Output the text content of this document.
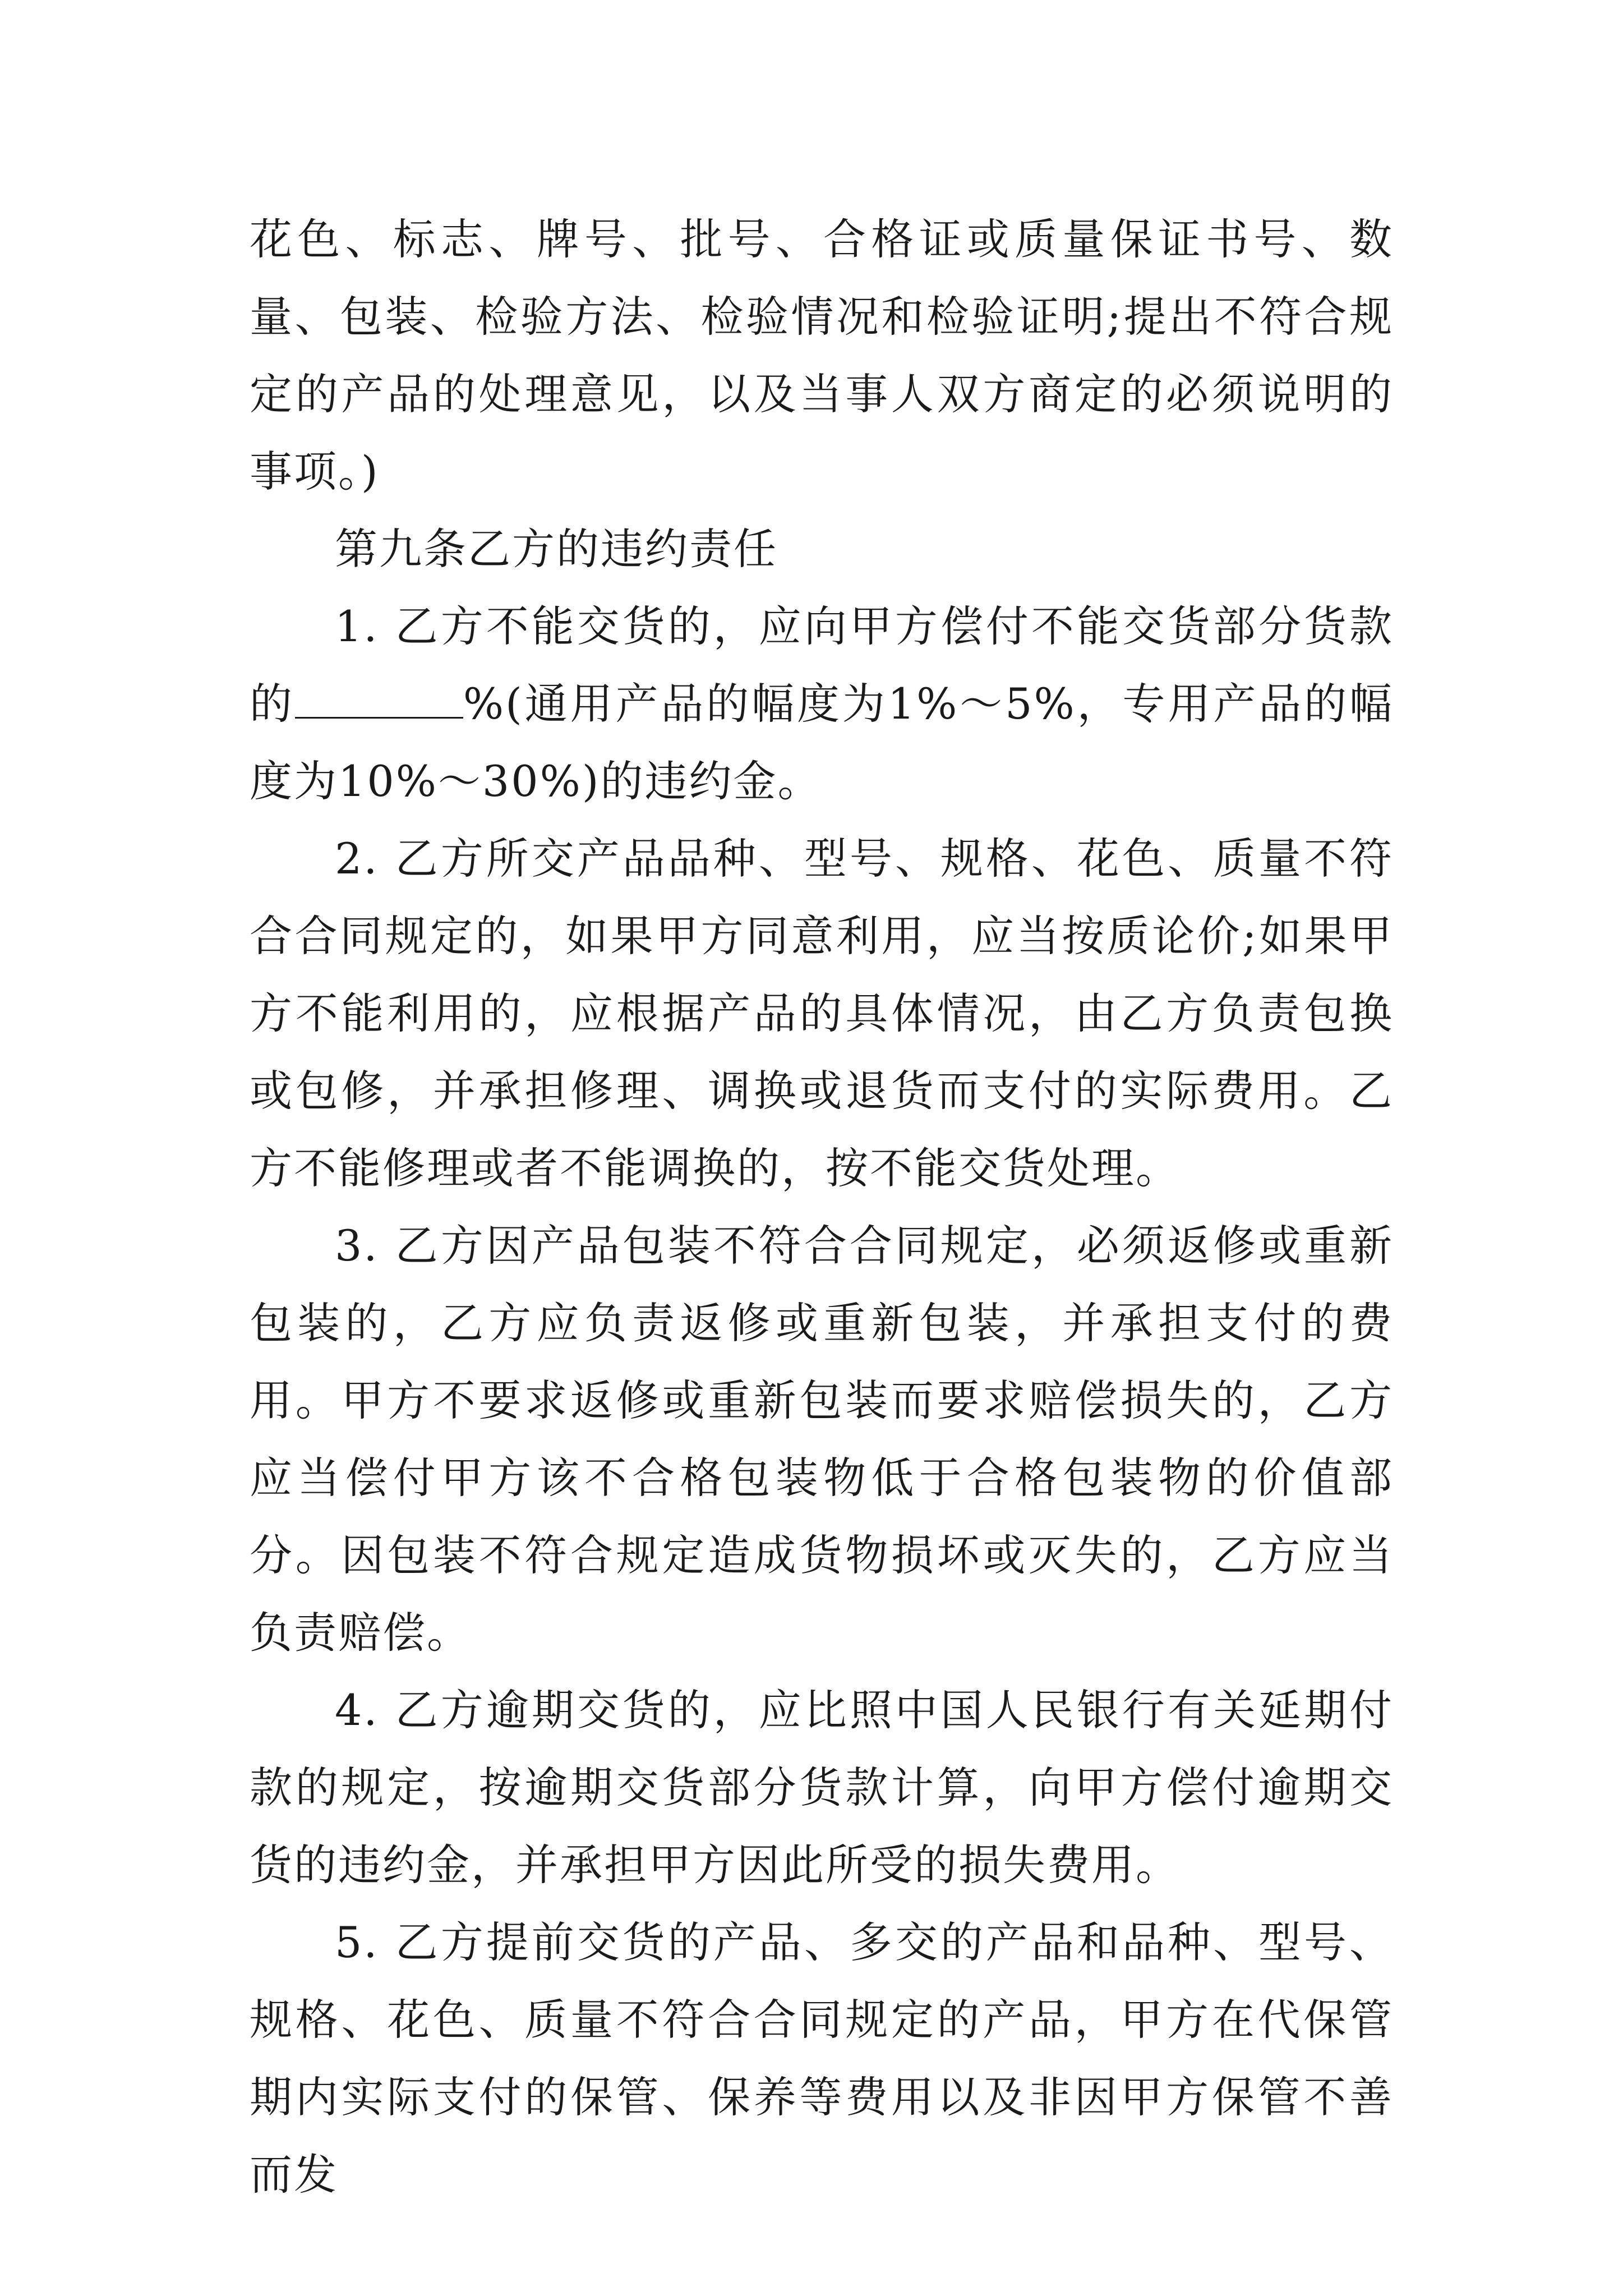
花色、标志、牌号、批号、合格证或质量保证书号、数量、包装、检验方法、检验情况和检验证明;提出不符合规定的产品的处理意见，以及当事人双方商定的必须说明的事项。)

第九条乙方的违约责任

1. 乙方不能交货的，应向甲方偿付不能交货部分货款的	%(通用产品的幅度为1%～5%，专用产品的幅度为10%～30%)的违约金。

2. 乙方所交产品品种、型号、规格、花色、质量不符合合同规定的，如果甲方同意利用，应当按质论价;如果甲方不能利用的，应根据产品的具体情况，由乙方负责包换或包修，并承担修理、调换或退货而支付的实际费用。乙方不能修理或者不能调换的，按不能交货处理。

3. 乙方因产品包装不符合合同规定，必须返修或重新包装的，乙方应负责返修或重新包装，并承担支付的费用。甲方不要求返修或重新包装而要求赔偿损失的，乙方应当偿付甲方该不合格包装物低于合格包装物的价值部分。因包装不符合规定造成货物损坏或灭失的，乙方应当负责赔偿。

4. 乙方逾期交货的，应比照中国人民银行有关延期付款的规定，按逾期交货部分货款计算，向甲方偿付逾期交货的违约金，并承担甲方因此所受的损失费用。

5. 乙方提前交货的产品、多交的产品和品种、型号、规格、花色、质量不符合合同规定的产品，甲方在代保管期内实际支付的保管、保养等费用以及非因甲方保管不善而发
